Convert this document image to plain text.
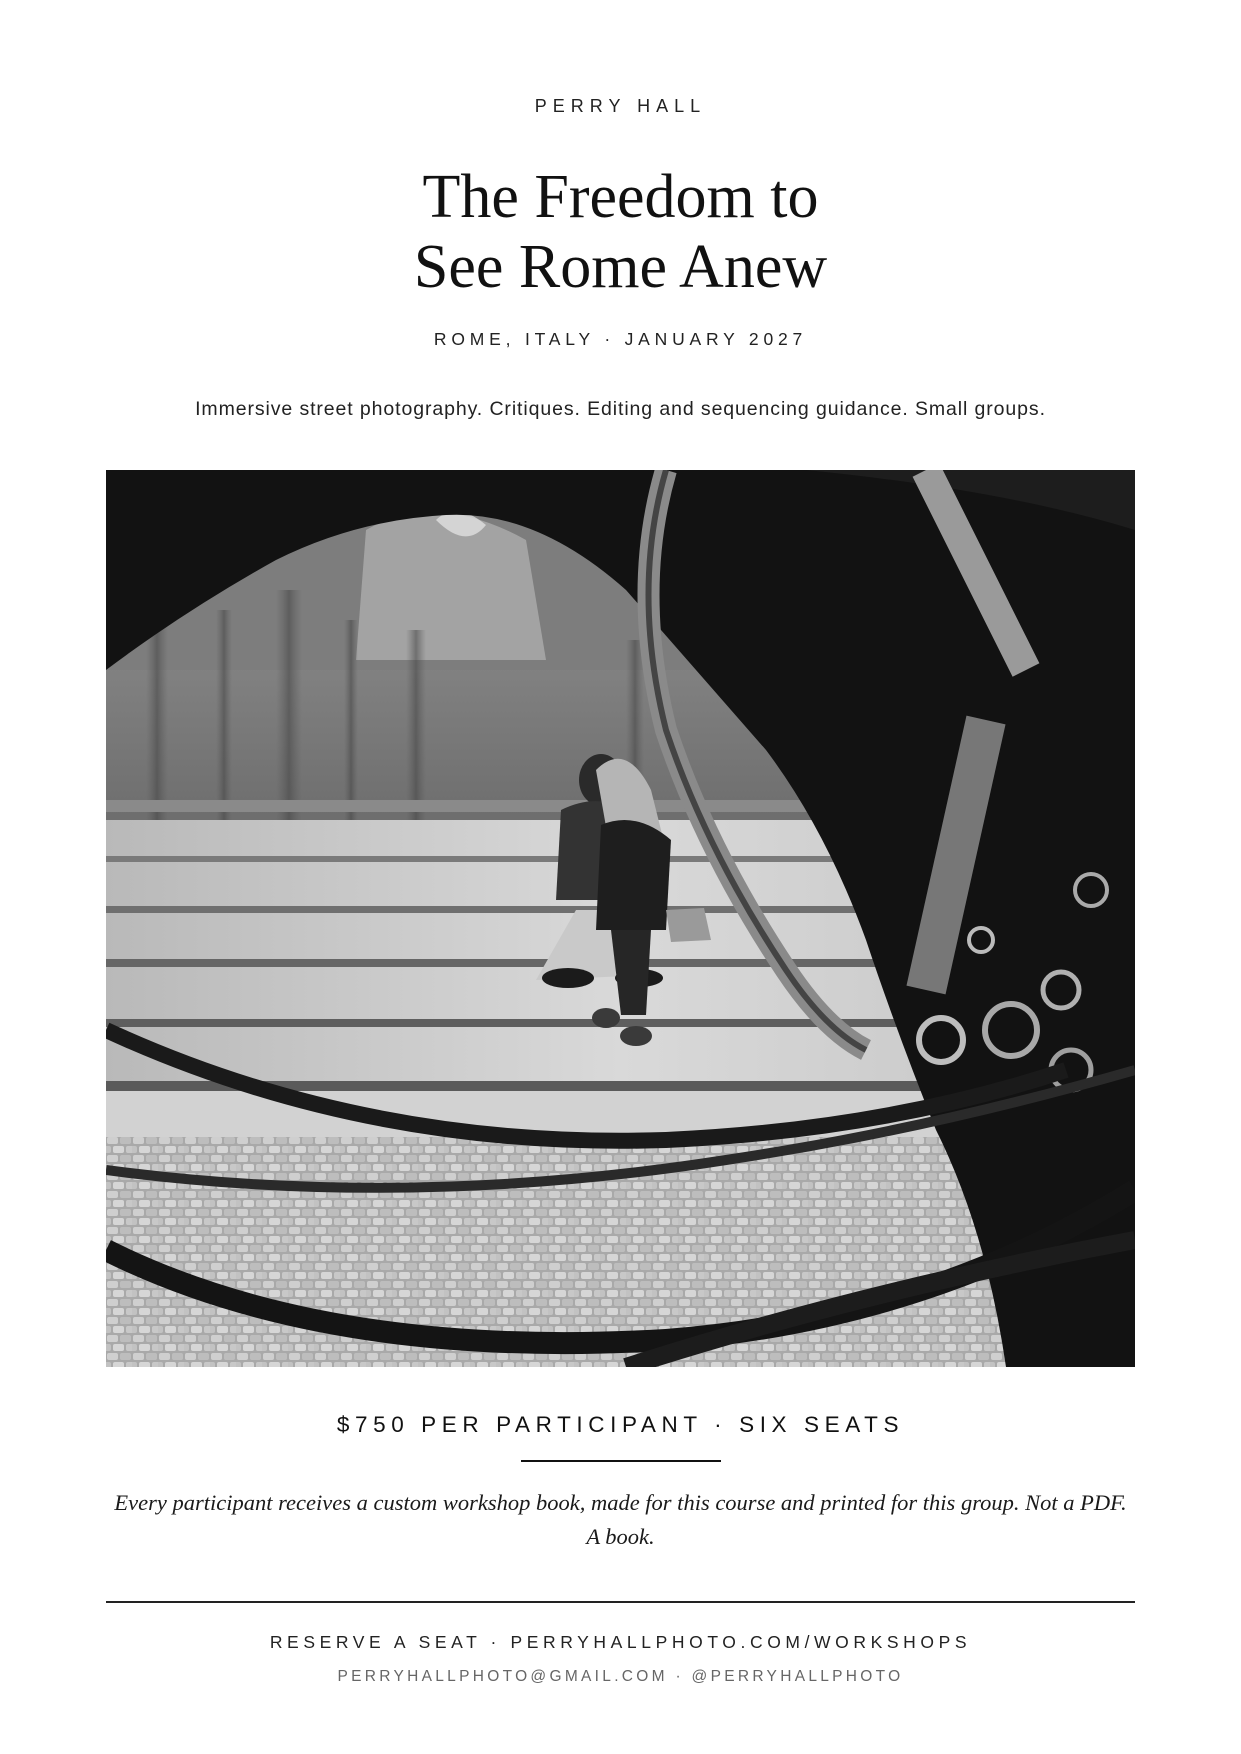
PERRY HALL
The Freedom to
See Rome Anew
ROME, ITALY · JANUARY 2027
Immersive street photography. Critiques. Editing and sequencing guidance. Small groups.
$750 PER PARTICIPANT · SIX SEATS
Every participant receives a custom workshop book, made for this course and printed for this group. Not a PDF. A book.
RESERVE A SEAT · PERRYHALLPHOTO.COM/WORKSHOPS
PERRYHALLPHOTO@GMAIL.COM · @PERRYHALLPHOTO
